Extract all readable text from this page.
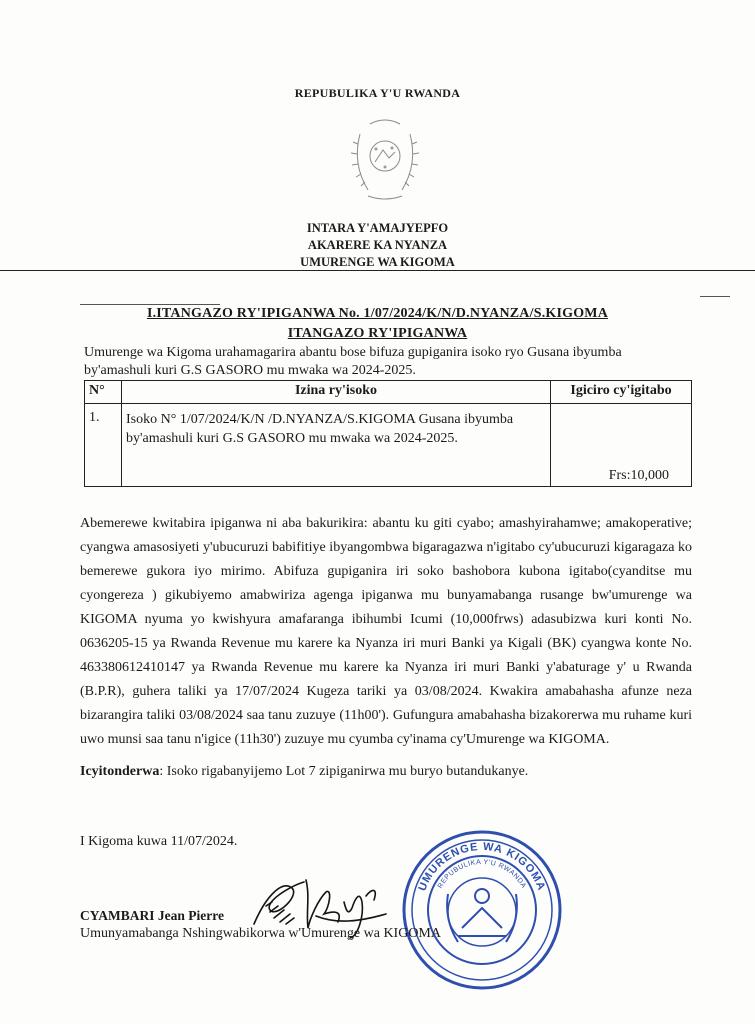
REPUBULIKA Y'U RWANDA
INTARA Y'AMAJYEPFO
AKARERE KA NYANZA
UMURENGE WA KIGOMA
I.ITANGAZO RY'IPIGANWA No. 1/07/2024/K/N/D.NYANZA/S.KIGOMA
ITANGAZO RY'IPIGANWA
Umurenge wa Kigoma urahamagarira abantu bose bifuza gupiganira isoko ryo Gusana ibyumba by'amashuli kuri G.S GASORO mu mwaka wa 2024-2025.
N°	Izina ry'isoko	Igiciro cy'igitabo
1.	Isoko N° 1/07/2024/K/N /D.NYANZA/S.KIGOMA Gusana ibyumba by'amashuli kuri G.S GASORO mu mwaka wa 2024-2025.	Frs:10,000
Abemerewe kwitabira ipiganwa ni aba bakurikira: abantu ku giti cyabo; amashyirahamwe; amakoperative; cyangwa amasosiyeti y'ubucuruzi babifitiye ibyangombwa bigaragazwa n'igitabo cy'ubucuruzi kigaragaza ko bemerewe gukora iyo mirimo. Abifuza gupiganira iri soko bashobora kubona igitabo(cyanditse mu cyongereza ) gikubiyemo amabwiriza agenga ipiganwa mu bunyamabanga rusange bw'umurenge wa KIGOMA nyuma yo kwishyura amafaranga ibihumbi Icumi (10,000frws) adasubizwa kuri konti No. 0636205-15 ya Rwanda Revenue mu karere ka Nyanza iri muri Banki ya Kigali (BK) cyangwa konte No. 463380612410147 ya Rwanda Revenue mu karere ka Nyanza iri muri Banki y'abaturage y' u Rwanda (B.P.R), guhera taliki ya 17/07/2024 Kugeza tariki ya 03/08/2024. Kwakira amabahasha afunze neza bizarangira taliki 03/08/2024 saa tanu zuzuye (11h00'). Gufungura amabahasha bizakorerwa mu ruhame kuri uwo munsi saa tanu n'igice (11h30') zuzuye mu cyumba cy'inama cy'Umurenge wa KIGOMA.
Icyitonderwa: Isoko rigabanyijemo Lot 7 zipiganirwa mu buryo butandukanye.
I Kigoma kuwa 11/07/2024.
UMURENGE WA KIGOMA
REPUBULIKA Y'U RWANDA
CYAMBARI Jean Pierre
Umunyamabanga Nshingwabikorwa w'Umurenge wa KIGOMA
